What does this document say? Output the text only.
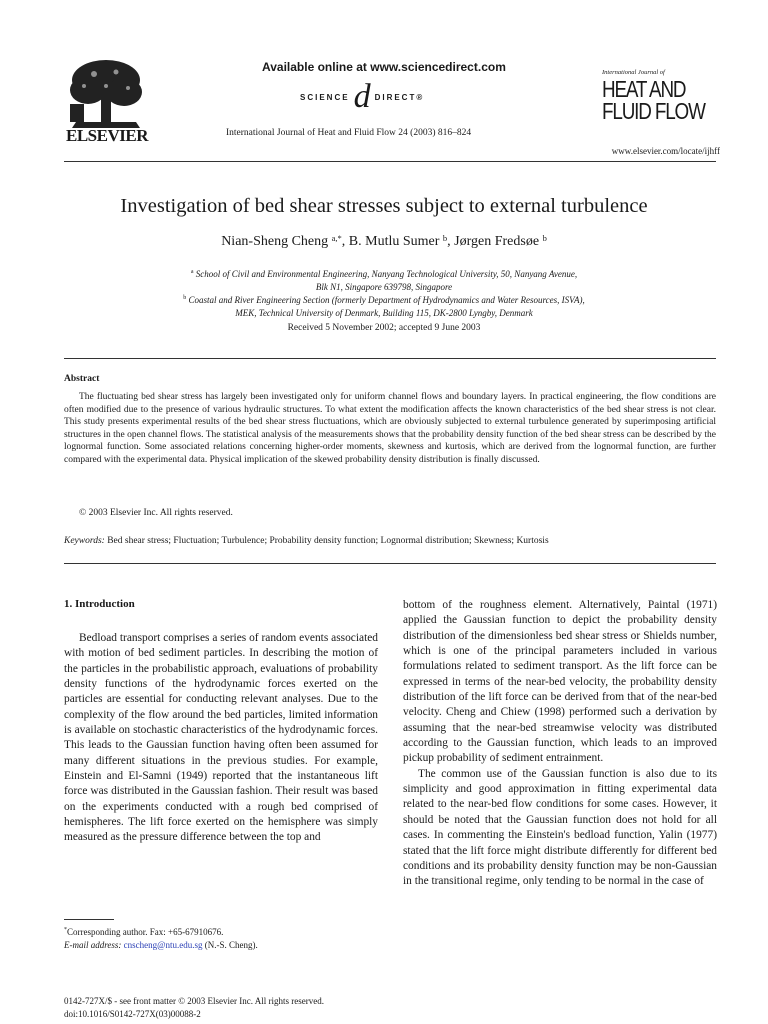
ELSEVIER
Available online at www.sciencedirect.com
SCIENCE d DIRECT®
International Journal of Heat and Fluid Flow 24 (2003) 816–824
International Journal of
HEAT AND
FLUID FLOW
www.elsevier.com/locate/ijhff
Investigation of bed shear stresses subject to external turbulence
Nian-Sheng Cheng $^{a,*}$, B. Mutlu Sumer $^b$, Jørgen Fredsøe $^b$
$^a$ School of Civil and Environmental Engineering, Nanyang Technological University, 50, Nanyang Avenue,
Blk N1, Singapore 639798, Singapore
$^b$ Coastal and River Engineering Section (formerly Department of Hydrodynamics and Water Resources, ISVA),
MEK, Technical University of Denmark, Building 115, DK-2800 Lyngby, Denmark
Received 5 November 2002; accepted 9 June 2003
Abstract
The fluctuating bed shear stress has largely been investigated only for uniform channel flows and boundary layers. In practical engineering, the flow conditions are often modified due to the presence of various hydraulic structures. To what extent the modification affects the known characteristics of the bed shear stress is not clear. This study presents experimental results of the bed shear stress fluctuations, which are obviously subjected to external turbulence generated by superimposing artificial structures in the open channel flows. The statistical analysis of the measurements shows that the probability density function of the bed shear stress can be described by the lognormal function. Some associated relations concerning higher-order moments, skewness and kurtosis, which are derived from the lognormal function, are further compared with the experimental data. Physical implication of the skewed probability density distribution is finally discussed.
© 2003 Elsevier Inc. All rights reserved.
Keywords: Bed shear stress; Fluctuation; Turbulence; Probability density function; Lognormal distribution; Skewness; Kurtosis
1. Introduction

Bedload transport comprises a series of random events associated with motion of bed sediment particles. In describing the motion of the particles in the probabilistic approach, evaluations of probability density functions of the hydrodynamic forces exerted on the particles are essential for conducting relevant analyses. Due to the complexity of the flow around the bed particles, limited information is available on stochastic characteristics of the hydrodynamic forces. This leads to the Gaussian function having often been assumed for many different situations in the previous studies. For example, Einstein and El-Samni (1949) reported that the instantaneous lift force was distributed in the Gaussian fashion. Their result was based on the experiments conducted with a rough bed comprised of hemispheres. The lift force exerted on the hemisphere was simply measured as the pressure difference between the top and

bottom of the roughness element. Alternatively, Paintal (1971) applied the Gaussian function to depict the probability density distribution of the dimensionless bed shear stress or Shields number, which is one of the principal parameters included in various formulations related to sediment transport. As the lift force can be expressed in terms of the near-bed velocity, the probability density distribution of the lift force can be derived from that of the near-bed velocity. Cheng and Chiew (1998) performed such a derivation by assuming that the near-bed streamwise velocity was distributed according to the Gaussian function, which leads to an improved pickup probability of sediment entrainment.

The common use of the Gaussian function is also due to its simplicity and good approximation in fitting experimental data related to the near-bed flow conditions for some cases. However, it should be noted that the Gaussian function does not hold for all cases. In commenting the Einstein's bedload function, Yalin (1977) stated that the lift force might distribute differently for different bed conditions and its probability density function may be non-Gaussian in the transitional regime, only tending to be normal in the case of

*Corresponding author. Fax: +65-67910676.
E-mail address: cnscheng@ntu.edu.sg (N.-S. Cheng).
0142-727X/$ - see front matter © 2003 Elsevier Inc. All rights reserved.
doi:10.1016/S0142-727X(03)00088-2
